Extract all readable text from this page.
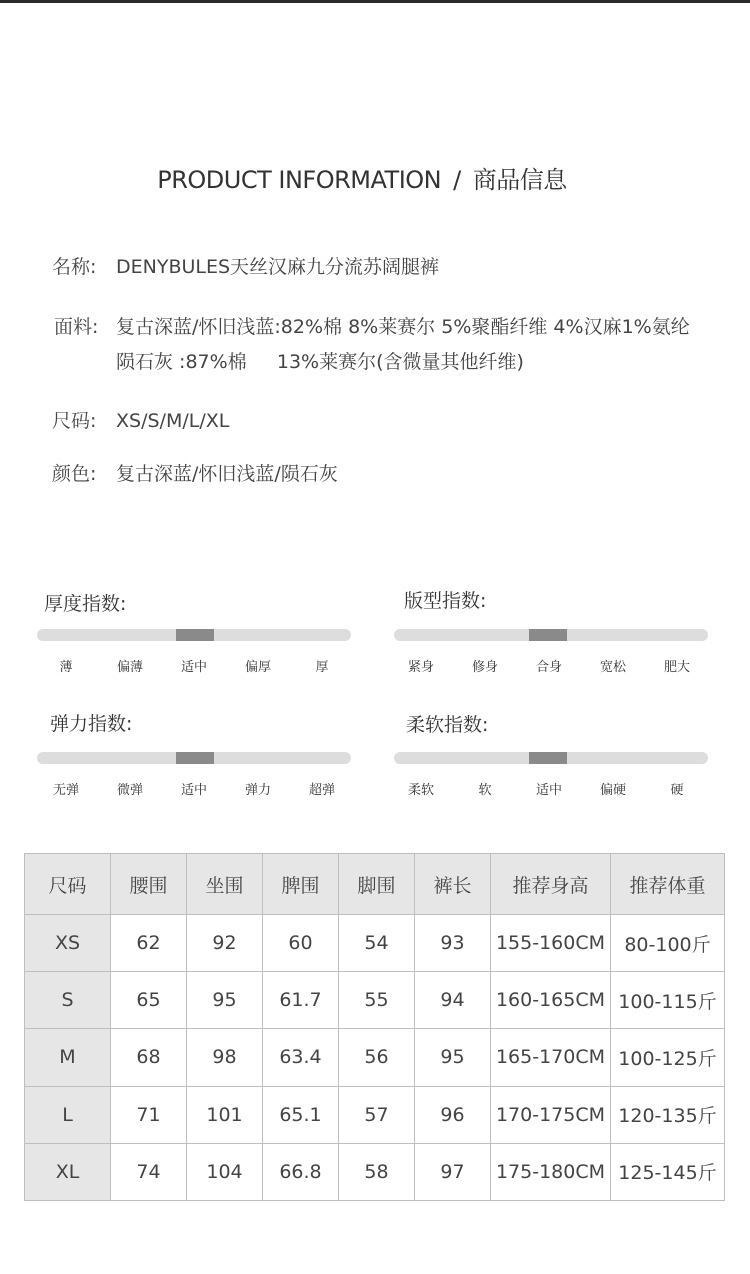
PRODUCT INFORMATION / 商品信息
名称: DENYBULES天丝汉麻九分流苏阔腿裤
面料: 复古深蓝/怀旧浅蓝:82%棉 8%莱赛尔 5%聚酯纤维 4%汉麻1%氨纶
陨石灰 :87%棉     13%莱赛尔(含微量其他纤维)
尺码: XS/S/M/L/XL
颜色: 复古深蓝/怀旧浅蓝/陨石灰
厚度指数:
薄	偏薄	适中	偏厚	厚
版型指数:
紧身	修身	合身	宽松	肥大
弹力指数:
无弹	微弹	适中	弹力	超弹
柔软指数:
柔软	软	适中	偏硬	硬
尺码	腰围	坐围	脾围	脚围	裤长	推荐身高	推荐体重
XS	62	92	60	54	93	155-160CM	80-100斤
S	65	95	61.7	55	94	160-165CM	100-115斤
M	68	98	63.4	56	95	165-170CM	100-125斤
L	71	101	65.1	57	96	170-175CM	120-135斤
XL	74	104	66.8	58	97	175-180CM	125-145斤
